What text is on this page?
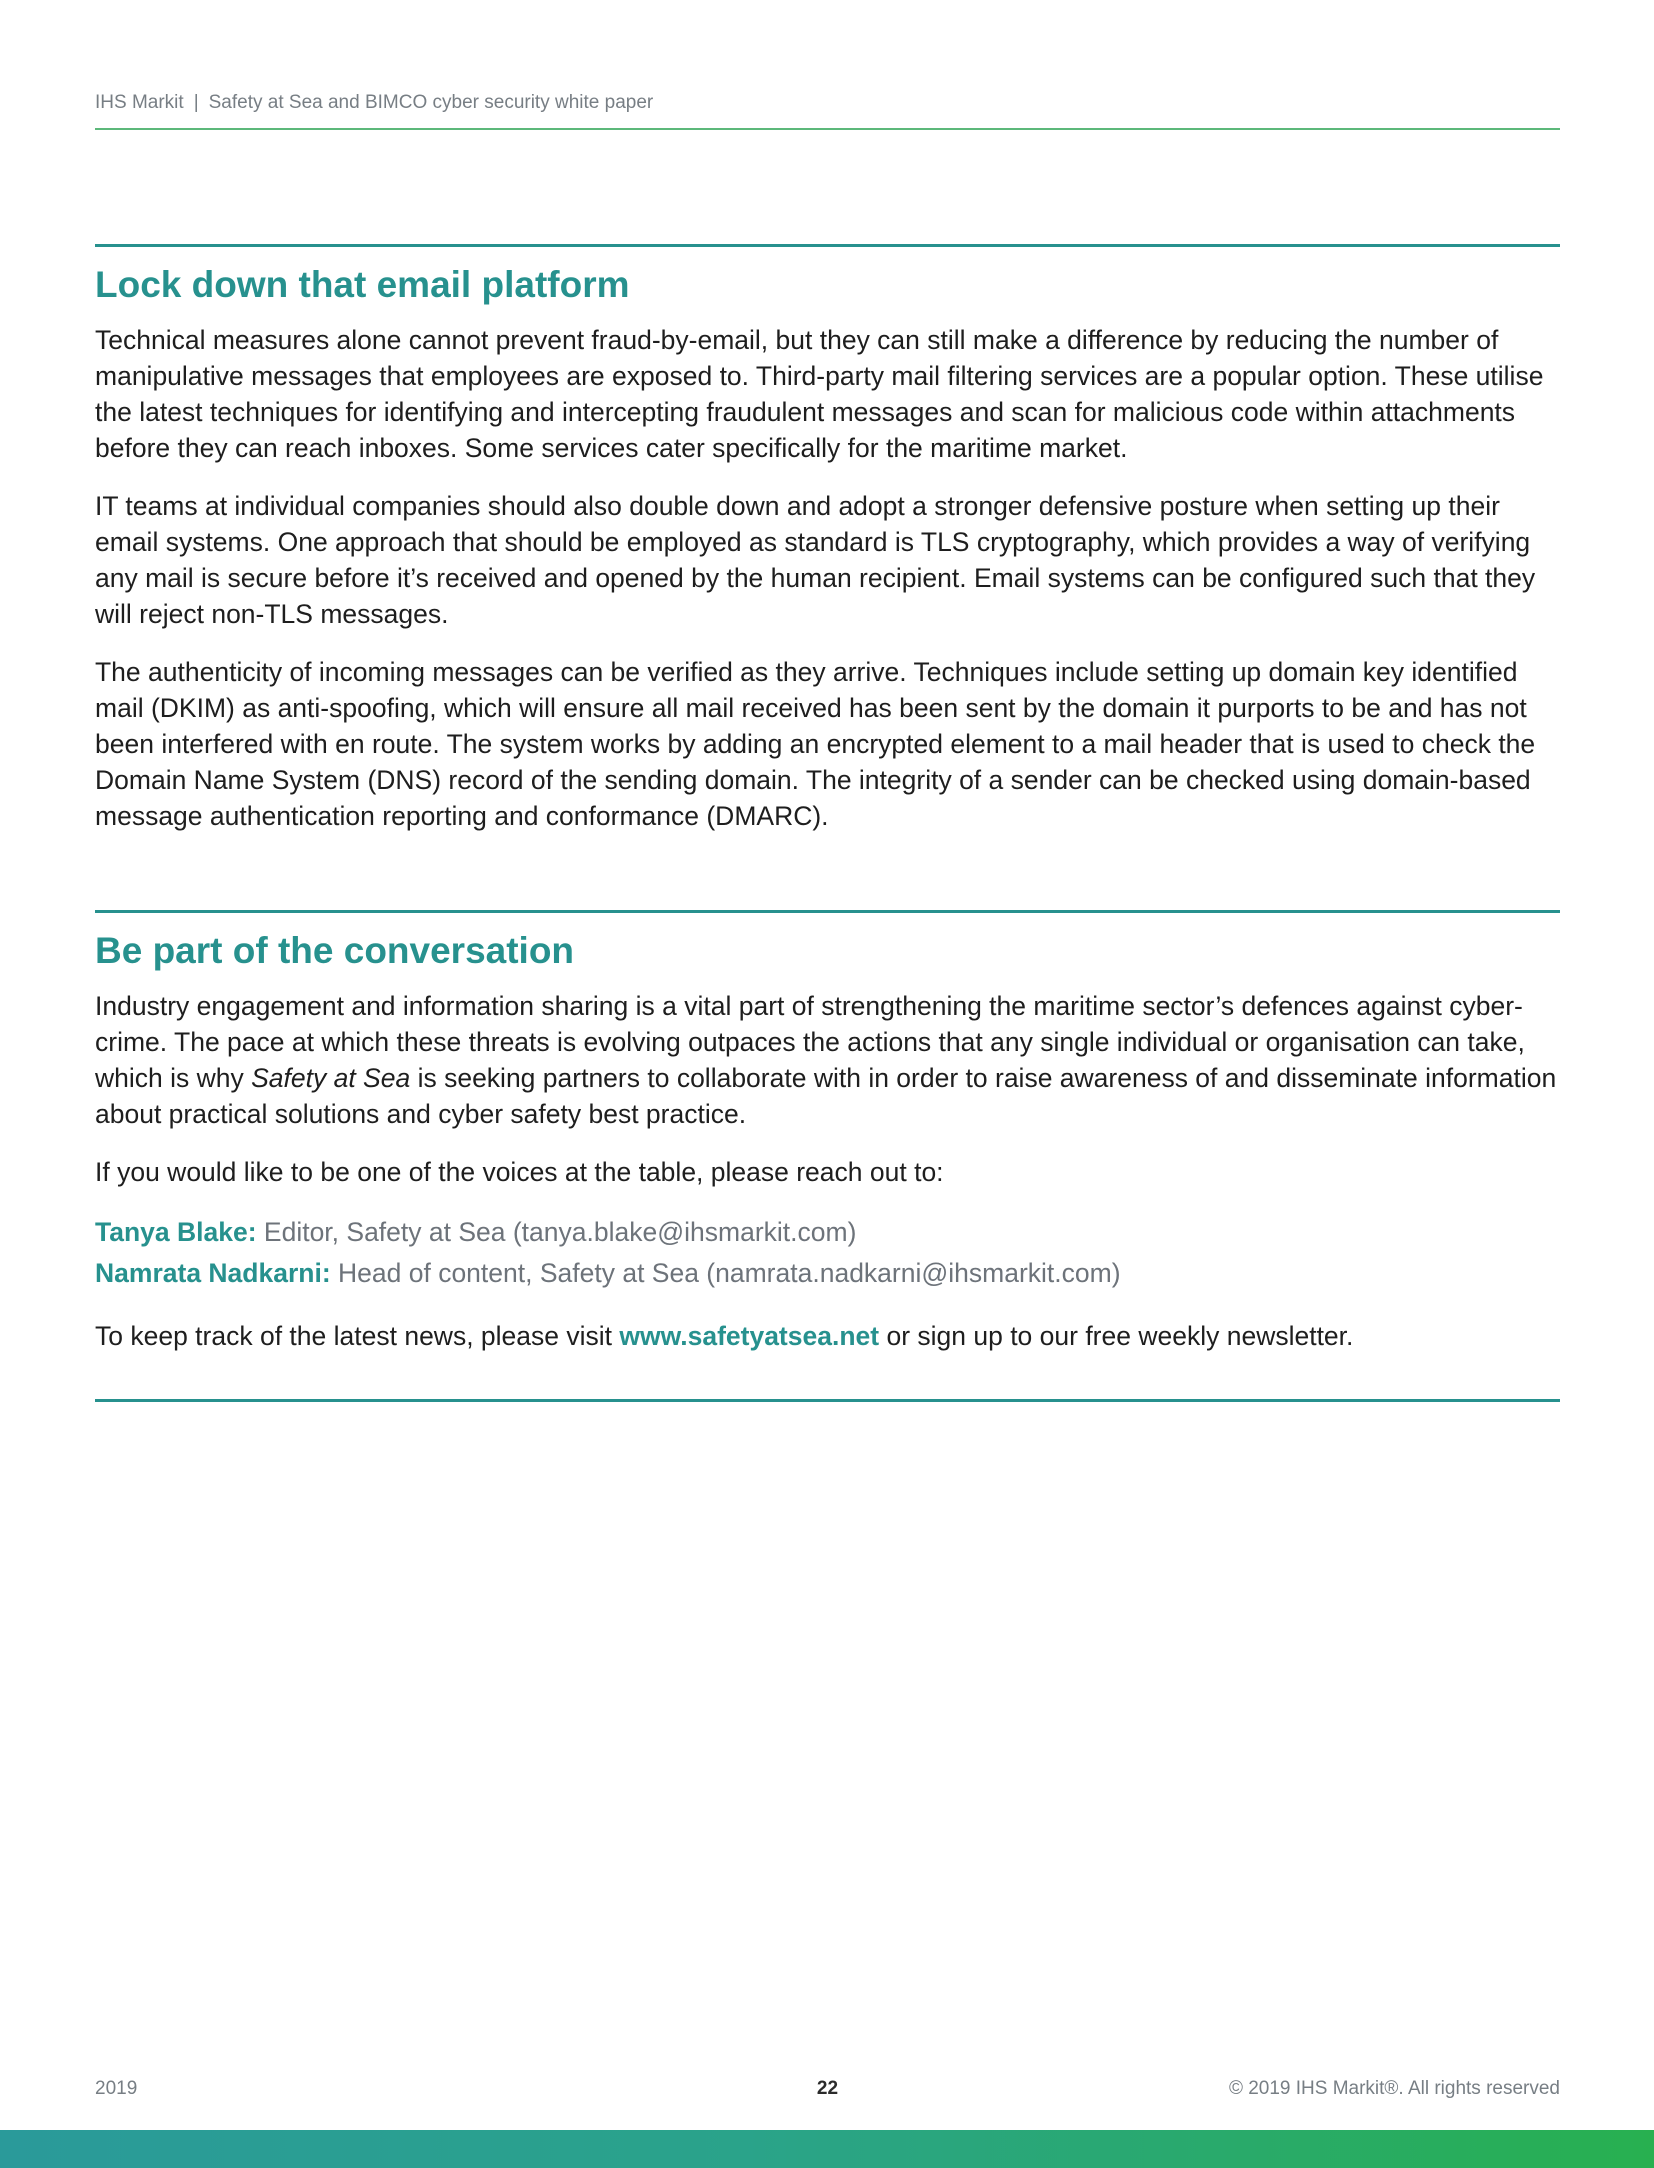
IHS Markit | Safety at Sea and BIMCO cyber security white paper
Lock down that email platform

Technical measures alone cannot prevent fraud-by-email, but they can still make a difference by reducing the number of manipulative messages that employees are exposed to. Third-party mail filtering services are a popular option. These utilise the latest techniques for identifying and intercepting fraudulent messages and scan for malicious code within attachments before they can reach inboxes. Some services cater specifically for the maritime market.

IT teams at individual companies should also double down and adopt a stronger defensive posture when setting up their email systems. One approach that should be employed as standard is TLS cryptography, which provides a way of verifying any mail is secure before it’s received and opened by the human recipient. Email systems can be configured such that they will reject non-TLS messages.

The authenticity of incoming messages can be verified as they arrive. Techniques include setting up domain key identified mail (DKIM) as anti-spoofing, which will ensure all mail received has been sent by the domain it purports to be and has not been interfered with en route. The system works by adding an encrypted element to a mail header that is used to check the Domain Name System (DNS) record of the sending domain. The integrity of a sender can be checked using domain-based message authentication reporting and conformance (DMARC).

Be part of the conversation

Industry engagement and information sharing is a vital part of strengthening the maritime sector’s defences against cyber-crime. The pace at which these threats is evolving outpaces the actions that any single individual or organisation can take, which is why Safety at Sea is seeking partners to collaborate with in order to raise awareness of and disseminate information about practical solutions and cyber safety best practice.

If you would like to be one of the voices at the table, please reach out to:

Tanya Blake: Editor, Safety at Sea (tanya.blake@ihsmarkit.com)
Namrata Nadkarni: Head of content, Safety at Sea (namrata.nadkarni@ihsmarkit.com)

To keep track of the latest news, please visit www.safetyatsea.net or sign up to our free weekly newsletter.

2019	22	© 2019 IHS Markit®. All rights reserved
